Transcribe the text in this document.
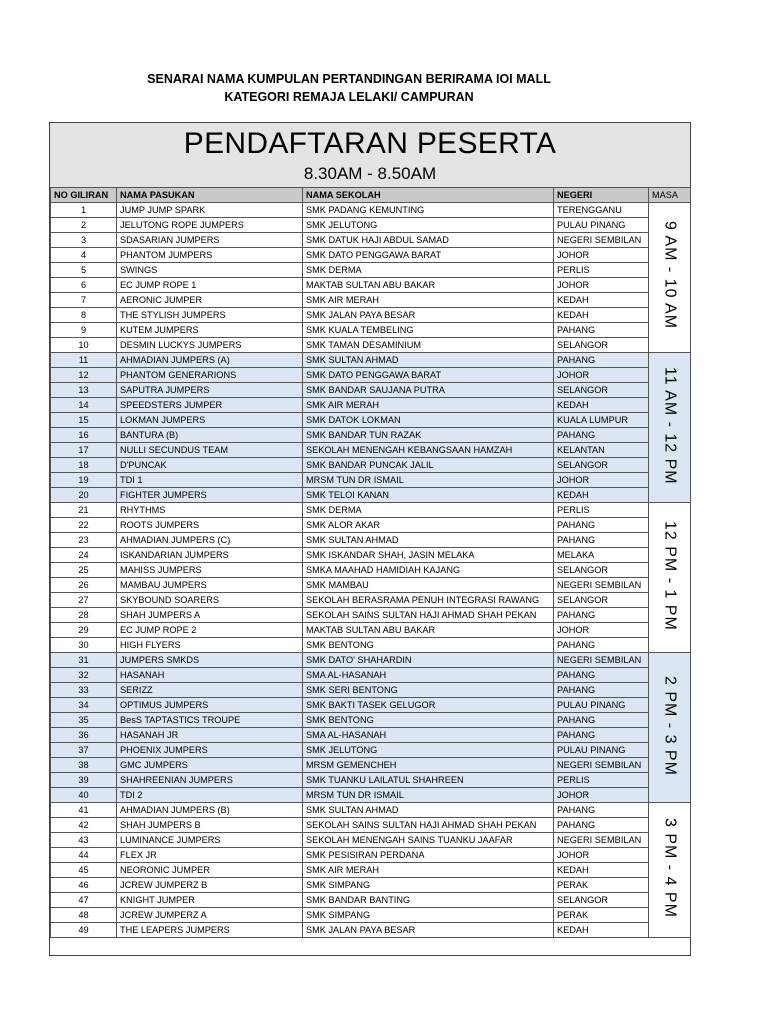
SENARAI NAMA KUMPULAN PERTANDINGAN BERIRAMA IOI MALL
KATEGORI REMAJA LELAKI/ CAMPURAN
PENDAFTARAN PESERTA
8.30AM - 8.50AM
NO GILIRAN	NAMA PASUKAN	NAMA SEKOLAH	NEGERI	MASA
1	JUMP JUMP SPARK	SMK PADANG KEMUNTING	TERENGGANU	9 AM - 10 AM
2	JELUTONG ROPE JUMPERS	SMK JELUTONG	PULAU PINANG	
3	SDASARIAN JUMPERS	SMK DATUK HAJI ABDUL SAMAD	NEGERI SEMBILAN	
4	PHANTOM JUMPERS	SMK DATO PENGGAWA BARAT	JOHOR	
5	SWINGS	SMK DERMA	PERLIS	
6	EC JUMP ROPE 1	MAKTAB SULTAN ABU BAKAR	JOHOR	
7	AERONIC JUMPER	SMK AIR MERAH	KEDAH	
8	THE STYLISH JUMPERS	SMK JALAN PAYA BESAR	KEDAH	
9	KUTEM JUMPERS	SMK KUALA TEMBELING	PAHANG	
10	DESMIN LUCKYS JUMPERS	SMK TAMAN DESAMINIUM	SELANGOR	
11	AHMADIAN JUMPERS (A)	SMK SULTAN AHMAD	PAHANG	11 AM - 12 PM
12	PHANTOM GENERARIONS	SMK DATO PENGGAWA BARAT	JOHOR	
13	SAPUTRA JUMPERS	SMK BANDAR SAUJANA PUTRA	SELANGOR	
14	SPEEDSTERS JUMPER	SMK AIR MERAH	KEDAH	
15	LOKMAN JUMPERS	SMK DATOK LOKMAN	KUALA LUMPUR	
16	BANTURA (B)	SMK BANDAR TUN RAZAK	PAHANG	
17	NULLI SECUNDUS TEAM	SEKOLAH MENENGAH KEBANGSAAN HAMZAH	KELANTAN	
18	D'PUNCAK	SMK BANDAR PUNCAK JALIL	SELANGOR	
19	TDI 1	MRSM TUN DR ISMAIL	JOHOR	
20	FIGHTER JUMPERS	SMK TELOI KANAN	KEDAH	
21	RHYTHMS	SMK DERMA	PERLIS	12 PM - 1 PM
22	ROOTS JUMPERS	SMK ALOR AKAR	PAHANG	
23	AHMADIAN JUMPERS (C)	SMK SULTAN AHMAD	PAHANG	
24	ISKANDARIAN JUMPERS	SMK ISKANDAR SHAH, JASIN MELAKA	MELAKA	
25	MAHISS JUMPERS	SMKA MAAHAD HAMIDIAH KAJANG	SELANGOR	
26	MAMBAU JUMPERS	SMK MAMBAU	NEGERI SEMBILAN	
27	SKYBOUND SOARERS	SEKOLAH BERASRAMA PENUH INTEGRASI RAWANG	SELANGOR	
28	SHAH JUMPERS A	SEKOLAH SAINS SULTAN HAJI AHMAD SHAH PEKAN	PAHANG	
29	EC JUMP ROPE 2	MAKTAB SULTAN ABU BAKAR	JOHOR	
30	HIGH FLYERS	SMK BENTONG	PAHANG	
31	JUMPERS SMKDS	SMK DATO' SHAHARDIN	NEGERI SEMBILAN	2 PM - 3 PM
32	HASANAH	SMA AL-HASANAH	PAHANG	
33	SERIZZ	SMK SERI BENTONG	PAHANG	
34	OPTIMUS JUMPERS	SMK BAKTI TASEK GELUGOR	PULAU PINANG	
35	BesS TAPTASTICS TROUPE	SMK BENTONG	PAHANG	
36	HASANAH JR	SMA AL-HASANAH	PAHANG	
37	PHOENIX JUMPERS	SMK JELUTONG	PULAU PINANG	
38	GMC JUMPERS	MRSM GEMENCHEH	NEGERI SEMBILAN	
39	SHAHREENIAN JUMPERS	SMK TUANKU LAILATUL SHAHREEN	PERLIS	
40	TDI 2	MRSM TUN DR ISMAIL	JOHOR	
41	AHMADIAN JUMPERS (B)	SMK SULTAN AHMAD	PAHANG	3 PM - 4 PM
42	SHAH JUMPERS B	SEKOLAH SAINS SULTAN HAJI AHMAD SHAH PEKAN	PAHANG	
43	LUMINANCE JUMPERS	SEKOLAH MENENGAH SAINS TUANKU JAAFAR	NEGERI SEMBILAN	
44	FLEX JR	SMK PESISIRAN PERDANA	JOHOR	
45	NEORONIC JUMPER	SMK AIR MERAH	KEDAH	
46	JCREW JUMPERZ B	SMK SIMPANG	PERAK	
47	KNIGHT JUMPER	SMK BANDAR BANTING	SELANGOR	
48	JCREW JUMPERZ A	SMK SIMPANG	PERAK	
49	THE LEAPERS JUMPERS	SMK JALAN PAYA BESAR	KEDAH	
